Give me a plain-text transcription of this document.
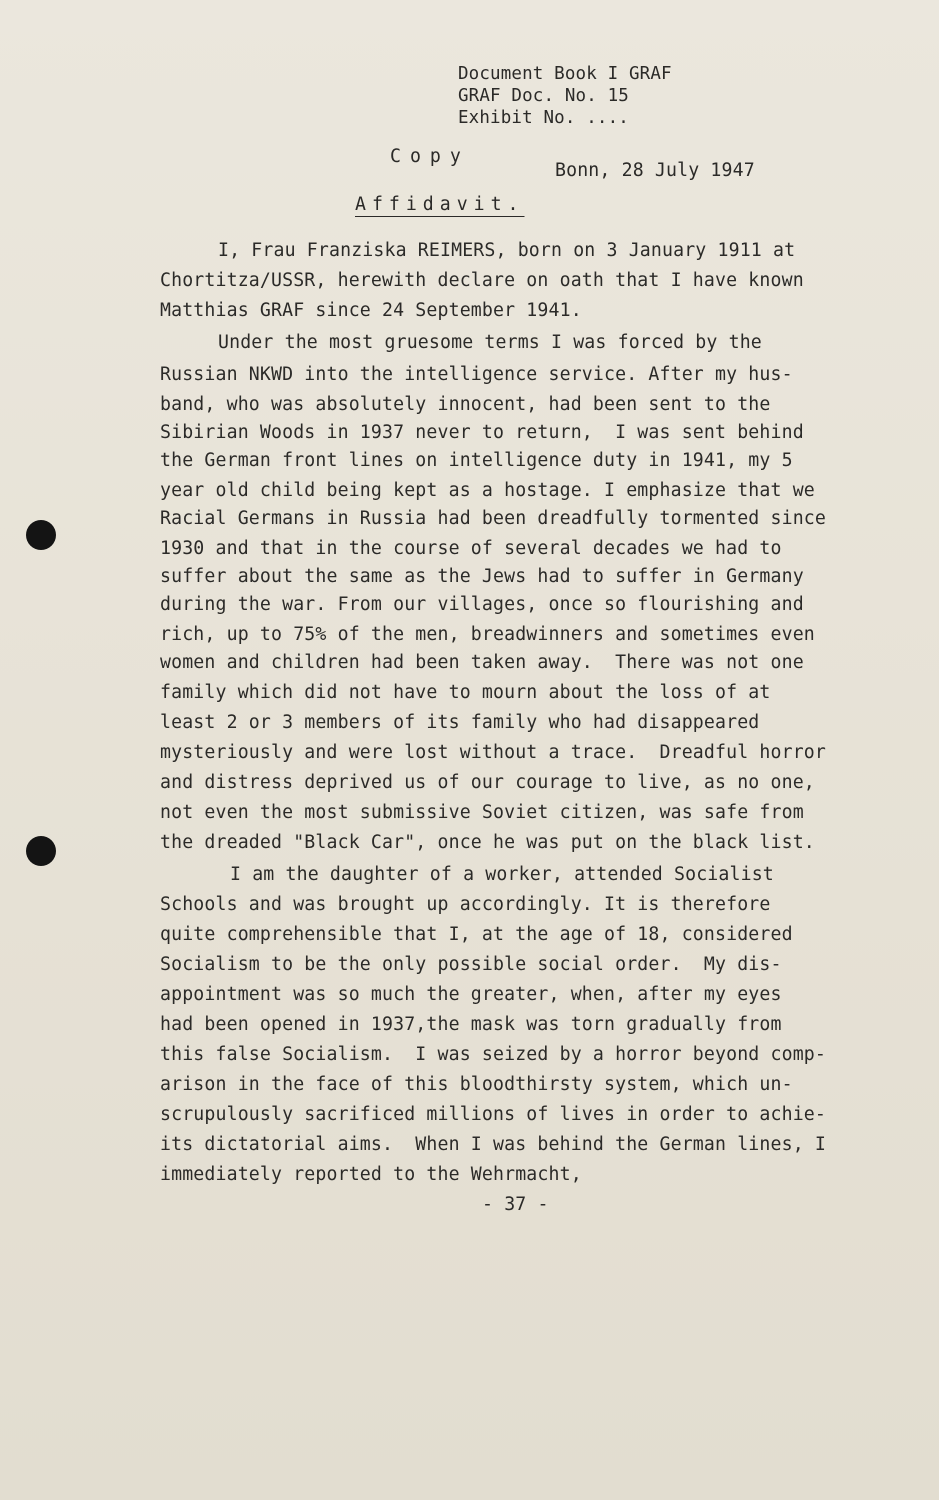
Document Book I GRAF
GRAF Doc. No. 15
Exhibit No. ....
Copy
Bonn, 28 July 1947
Affidavit.
I, Frau Franziska REIMERS, born on 3 January 1911 at
Chortitza/USSR, herewith declare on oath that I have known
Matthias GRAF since 24 September 1941.
Under the most gruesome terms I was forced by the
Russian NKWD into the intelligence service. After my hus-
band, who was absolutely innocent, had been sent to the
Sibirian Woods in 1937 never to return,  I was sent behind
the German front lines on intelligence duty in 1941, my 5
year old child being kept as a hostage. I emphasize that we
Racial Germans in Russia had been dreadfully tormented since
1930 and that in the course of several decades we had to
suffer about the same as the Jews had to suffer in Germany
during the war. From our villages, once so flourishing and
rich, up to 75% of the men, breadwinners and sometimes even
women and children had been taken away.  There was not one
family which did not have to mourn about the loss of at
least 2 or 3 members of its family who had disappeared
mysteriously and were lost without a trace.  Dreadful horror
and distress deprived us of our courage to live, as no one,
not even the most submissive Soviet citizen, was safe from
the dreaded "Black Car", once he was put on the black list.
I am the daughter of a worker, attended Socialist
Schools and was brought up accordingly. It is therefore
quite comprehensible that I, at the age of 18, considered
Socialism to be the only possible social order.  My dis-
appointment was so much the greater, when, after my eyes
had been opened in 1937,the mask was torn gradually from
this false Socialism.  I was seized by a horror beyond comp-
arison in the face of this bloodthirsty system, which un-
scrupulously sacrificed millions of lives in order to achie-
its dictatorial aims.  When I was behind the German lines, I
immediately reported to the Wehrmacht,
- 37 -
